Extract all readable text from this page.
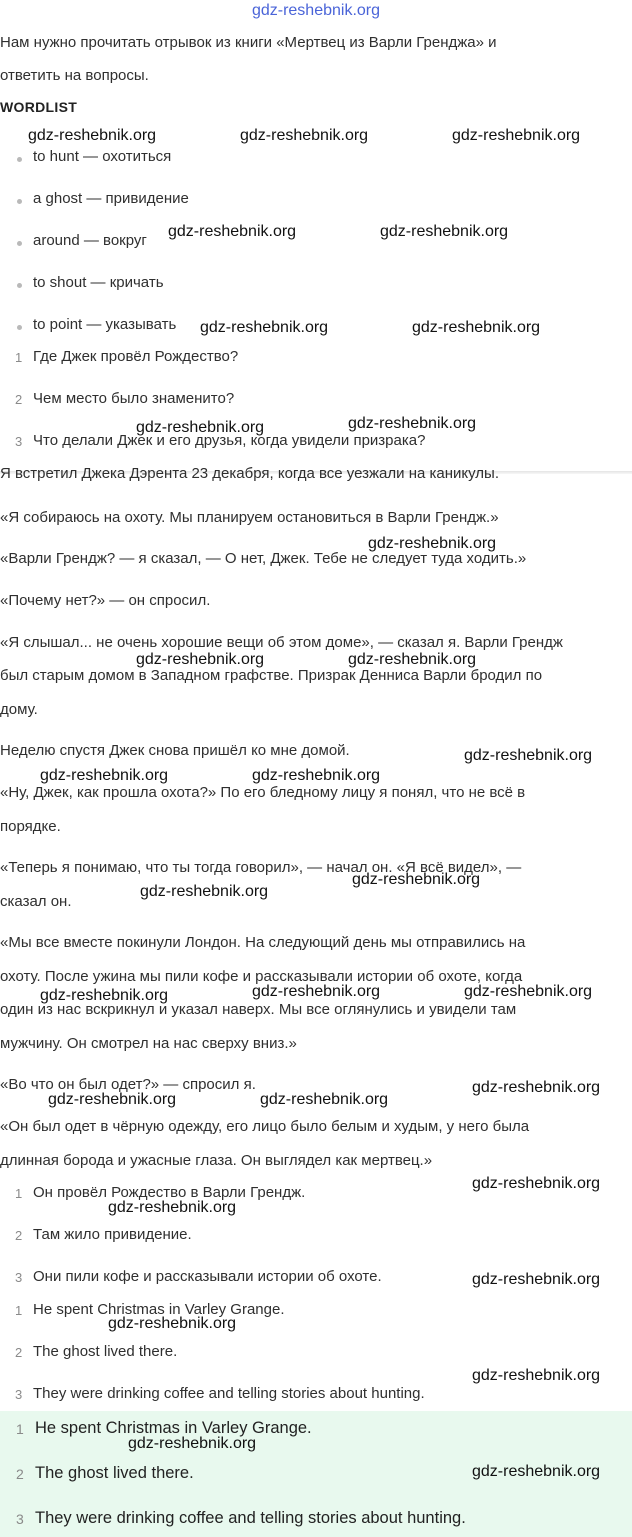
gdz-reshebnik.org
Нам нужно прочитать отрывок из книги «Мертвец из Варли Гренджа» и
ответить на вопросы.
WORDLIST
to hunt — охотиться
a ghost — привидение
around — вокруг
to shout — кричать
to point — указывать
1 Где Джек провёл Рождество?
2 Чем место было знаменито?
3 Что делали Джек и его друзья, когда увидели призрака?
Я встретил Джека Дэрента 23 декабря, когда все уезжали на каникулы.
«Я собираюсь на охоту. Мы планируем остановиться в Варли Грендж.»
«Варли Грендж? — я сказал, — О нет, Джек. Тебе не следует туда ходить.»
«Почему нет?» — он спросил.
«Я слышал... не очень хорошие вещи об этом доме», — сказал я. Варли Грендж
был старым домом в Западном графстве. Призрак Денниса Варли бродил по
дому.
Неделю спустя Джек снова пришёл ко мне домой.
«Ну, Джек, как прошла охота?» По его бледному лицу я понял, что не всё в
порядке.
«Теперь я понимаю, что ты тогда говорил», — начал он. «Я всё видел», —
сказал он.
«Мы все вместе покинули Лондон. На следующий день мы отправились на
охоту. После ужина мы пили кофе и рассказывали истории об охоте, когда
один из нас вскрикнул и указал наверх. Мы все оглянулись и увидели там
мужчину. Он смотрел на нас сверху вниз.»
«Во что он был одет?» — спросил я.
«Он был одет в чёрную одежду, его лицо было белым и худым, у него была
длинная борода и ужасные глаза. Он выглядел как мертвец.»
1 Он провёл Рождество в Варли Грендж.
2 Там жило привидение.
3 Они пили кофе и рассказывали истории об охоте.
1 He spent Christmas in Varley Grange.
2 The ghost lived there.
3 They were drinking coffee and telling stories about hunting.
1 He spent Christmas in Varley Grange.
2 The ghost lived there.
3 They were drinking coffee and telling stories about hunting.
gdz-reshebnik.org	gdz-reshebnik.org	gdz-reshebnik.org
gdz-reshebnik.org	gdz-reshebnik.org
gdz-reshebnik.org	gdz-reshebnik.org
gdz-reshebnik.org	gdz-reshebnik.org
gdz-reshebnik.org
gdz-reshebnik.org	gdz-reshebnik.org
gdz-reshebnik.org
gdz-reshebnik.org	gdz-reshebnik.org
gdz-reshebnik.org
gdz-reshebnik.org
gdz-reshebnik.org	gdz-reshebnik.org	gdz-reshebnik.org
gdz-reshebnik.org
gdz-reshebnik.org	gdz-reshebnik.org
gdz-reshebnik.org
gdz-reshebnik.org
gdz-reshebnik.org
gdz-reshebnik.org
gdz-reshebnik.org
gdz-reshebnik.org
gdz-reshebnik.org
